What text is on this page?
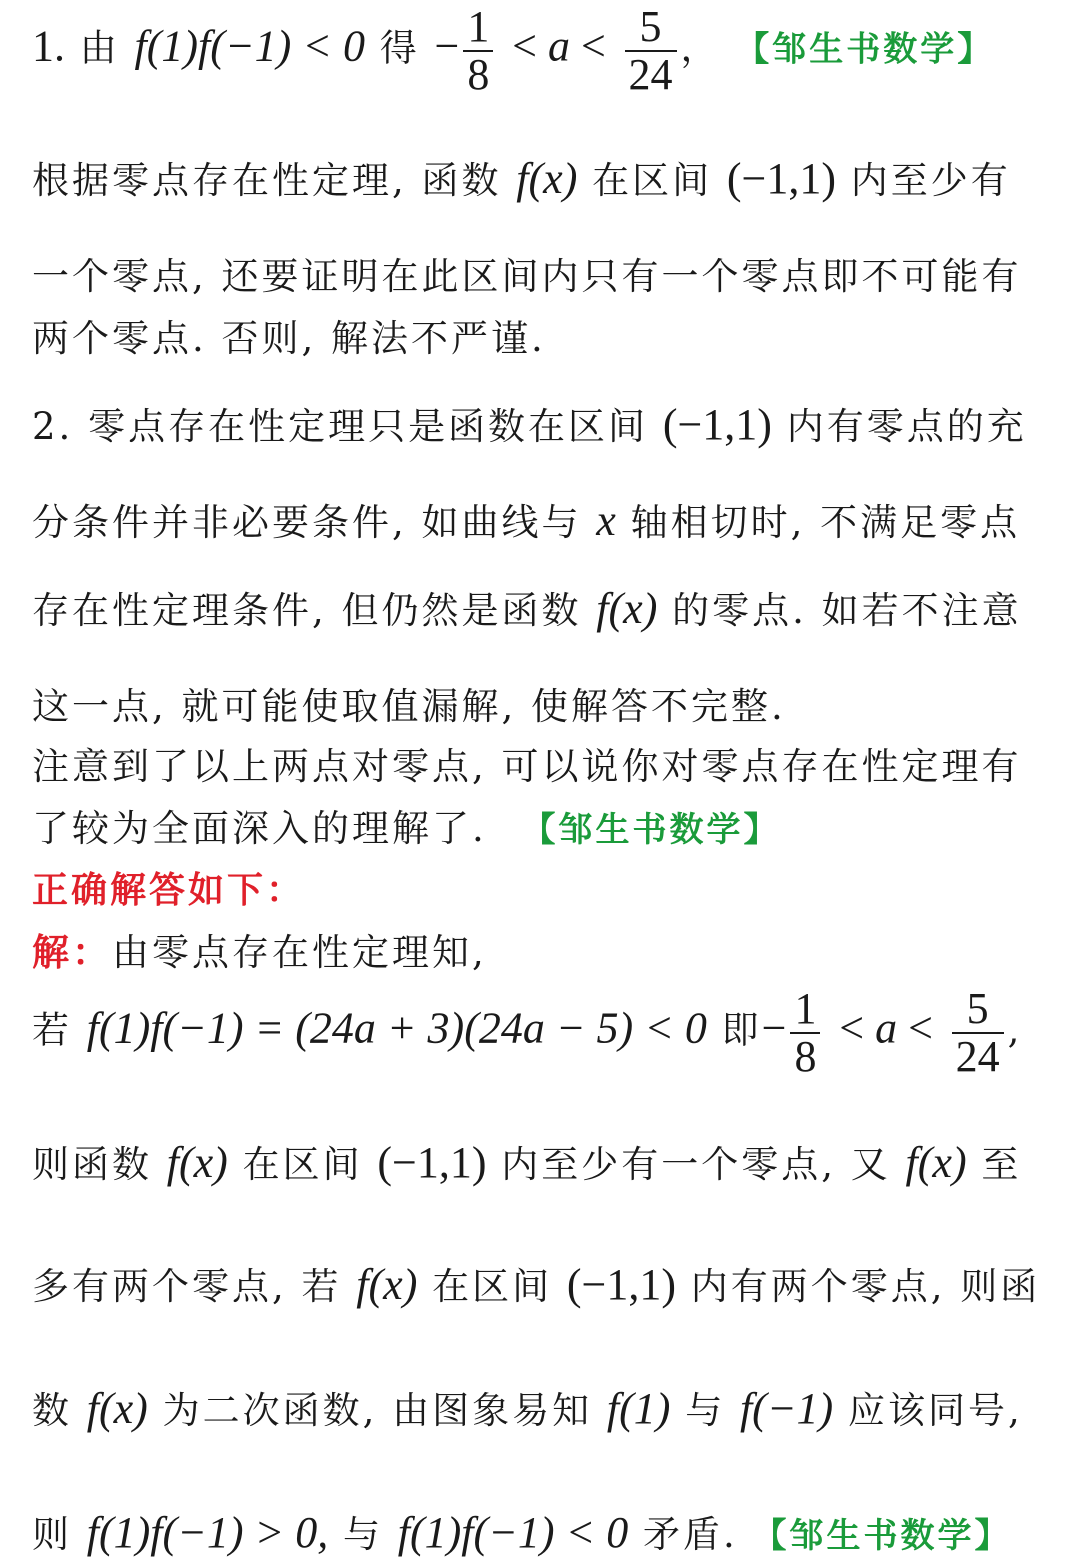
1. 由 f(1)f(−1) < 0 得 − $\frac{1}{8} < a < \frac{5}{24}$ ， 【邹生书数学】
根据零点存在性定理, 函数 f(x) 在区间 (−1,1) 内至少有
一个零点, 还要证明在此区间内只有一个零点即不可能有
两个零点. 否则, 解法不严谨.
2. 零点存在性定理只是函数在区间 (−1,1) 内有零点的充
分条件并非必要条件, 如曲线与 x 轴相切时, 不满足零点
存在性定理条件, 但仍然是函数 f(x) 的零点. 如若不注意
这一点, 就可能使取值漏解, 使解答不完整.
注意到了以上两点对零点, 可以说你对零点存在性定理有
了较为全面深入的理解了. 【邹生书数学】
正确解答如下：
解：由零点存在性定理知,
若 f(1)f(−1) = (24a + 3)(24a − 5) < 0 即− $\frac{1}{8} < a < \frac{5}{24}$ ,
则函数 f(x) 在区间 (−1,1) 内至少有一个零点, 又 f(x) 至
多有两个零点, 若 f(x) 在区间 (−1,1) 内有两个零点, 则函
数 f(x) 为二次函数, 由图象易知 f(1) 与 f(−1) 应该同号,
则 f(1)f(−1) > 0, 与 f(1)f(−1) < 0 矛盾. 【邹生书数学】
